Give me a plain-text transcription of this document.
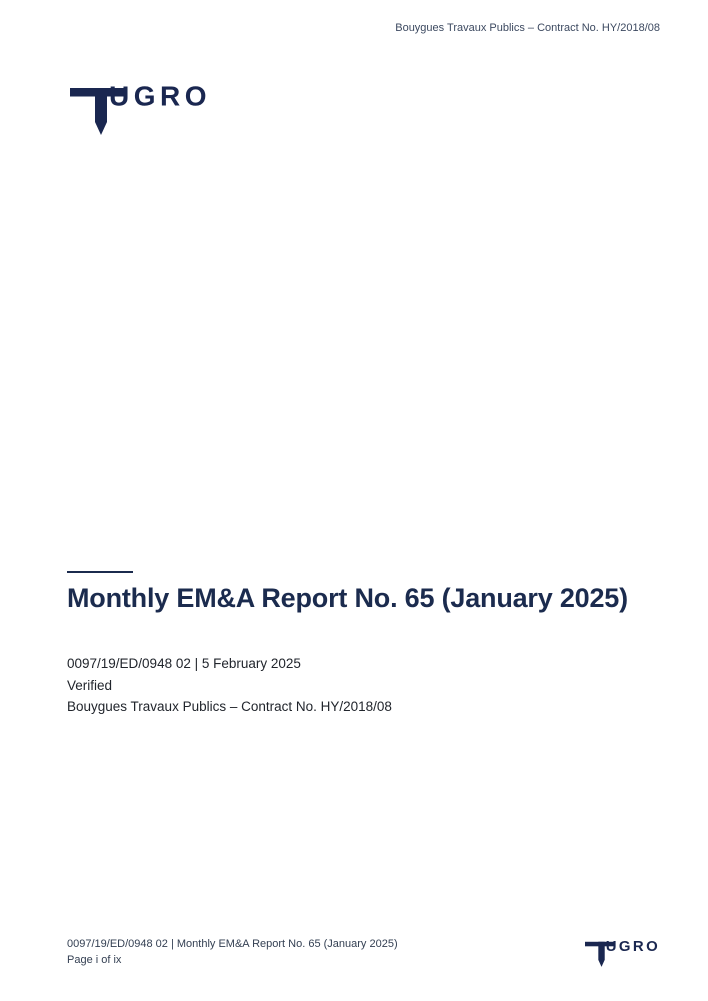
Bouygues Travaux Publics – Contract No. HY/2018/08
UGRO
Monthly EM&A Report No. 65 (January 2025)
0097/19/ED/0948 02 | 5 February 2025
Verified
Bouygues Travaux Publics – Contract No. HY/2018/08
0097/19/ED/0948 02 | Monthly EM&A Report No. 65 (January 2025)
Page i of ix
UGRO
